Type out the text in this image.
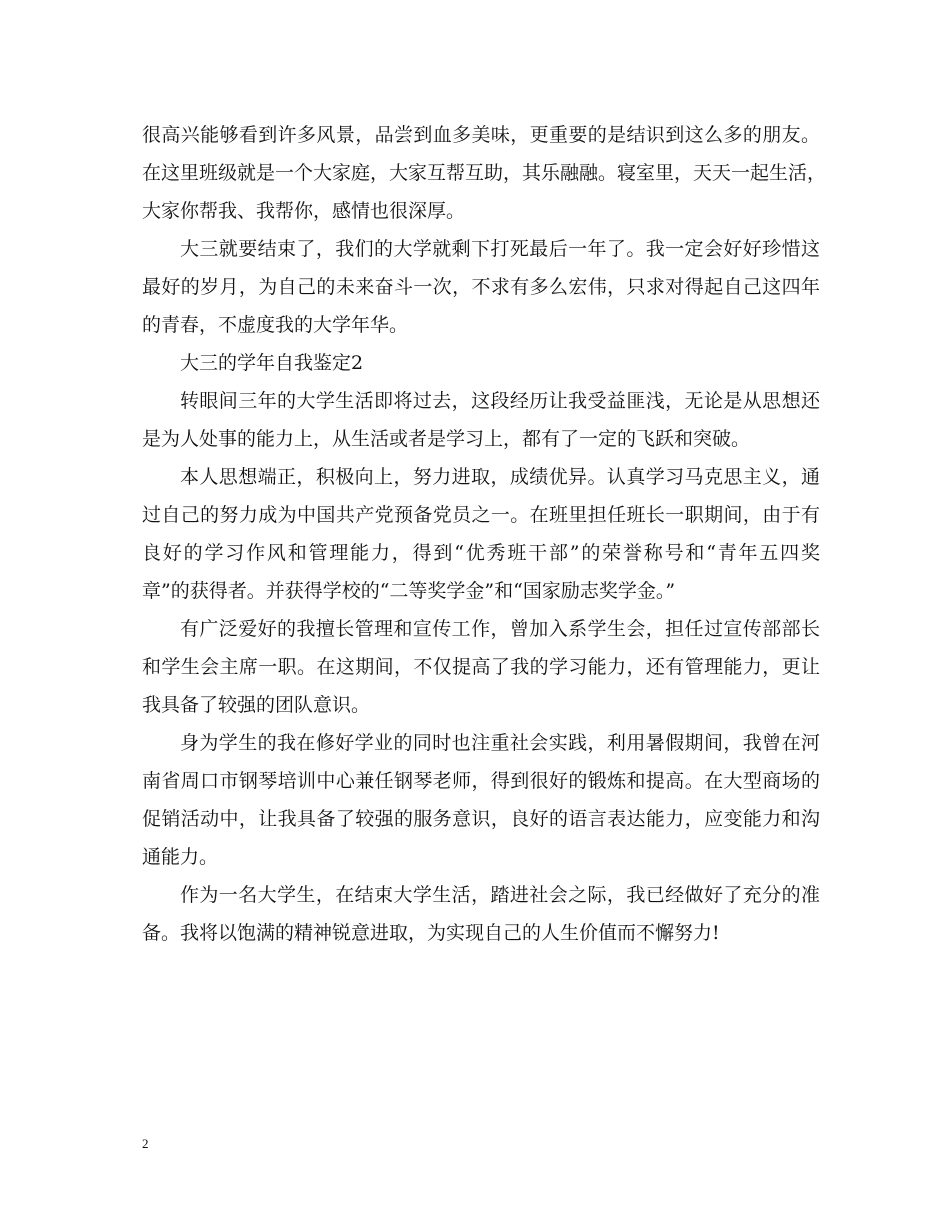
很高兴能够看到许多风景，品尝到血多美味，更重要的是结识到这么多的朋友。
在这里班级就是一个大家庭，大家互帮互助，其乐融融。寝室里，天天一起生活，
大家你帮我、我帮你，感情也很深厚。
大三就要结束了，我们的大学就剩下打死最后一年了。我一定会好好珍惜这
最好的岁月，为自己的未来奋斗一次，不求有多么宏伟，只求对得起自己这四年
的青春，不虚度我的大学年华。
大三的学年自我鉴定2
转眼间三年的大学生活即将过去，这段经历让我受益匪浅，无论是从思想还
是为人处事的能力上，从生活或者是学习上，都有了一定的飞跃和突破。
本人思想端正，积极向上，努力进取，成绩优异。认真学习马克思主义，通
过自己的努力成为中国共产党预备党员之一。在班里担任班长一职期间，由于有
良好的学习作风和管理能力，得到“优秀班干部”的荣誉称号和“青年五四奖
章”的获得者。并获得学校的“二等奖学金”和“国家励志奖学金。”
有广泛爱好的我擅长管理和宣传工作，曾加入系学生会，担任过宣传部部长
和学生会主席一职。在这期间，不仅提高了我的学习能力，还有管理能力，更让
我具备了较强的团队意识。
身为学生的我在修好学业的同时也注重社会实践，利用暑假期间，我曾在河
南省周口市钢琴培训中心兼任钢琴老师，得到很好的锻炼和提高。在大型商场的
促销活动中，让我具备了较强的服务意识，良好的语言表达能力，应变能力和沟
通能力。
作为一名大学生，在结束大学生活，踏进社会之际，我已经做好了充分的准
备。我将以饱满的精神锐意进取，为实现自己的人生价值而不懈努力!
2
